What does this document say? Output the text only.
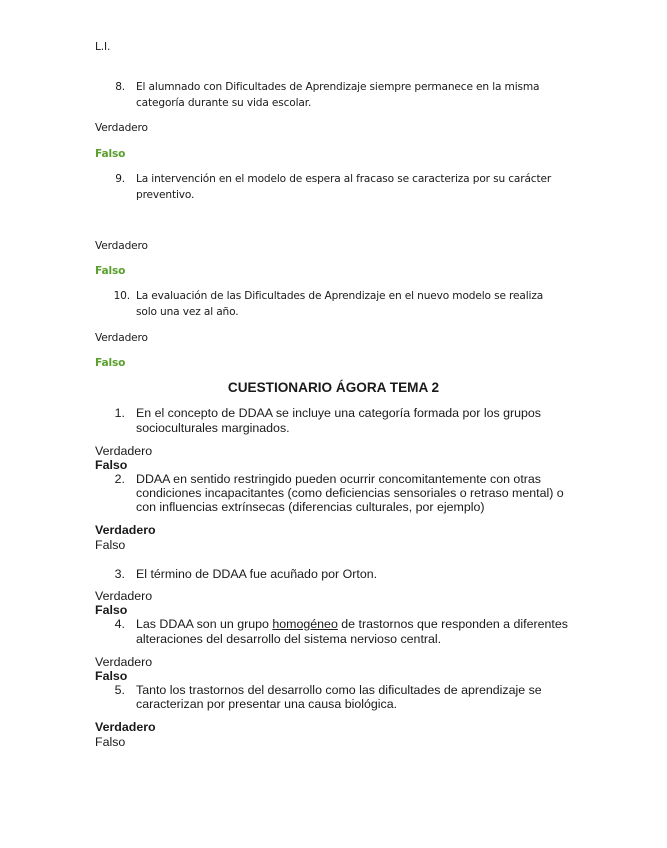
L.I.
8. El alumnado con Dificultades de Aprendizaje siempre permanece en la misma
categoría durante su vida escolar.
Verdadero
Falso
9. La intervención en el modelo de espera al fracaso se caracteriza por su carácter
preventivo.
Verdadero
Falso
10. La evaluación de las Dificultades de Aprendizaje en el nuevo modelo se realiza
solo una vez al año.
Verdadero
Falso
CUESTIONARIO ÁGORA TEMA 2
1. En el concepto de DDAA se incluye una categoría formada por los grupos
socioculturales marginados.
Verdadero
Falso
2. DDAA en sentido restringido pueden ocurrir concomitantemente con otras
condiciones incapacitantes (como deficiencias sensoriales o retraso mental) o
con influencias extrínsecas (diferencias culturales, por ejemplo)
Verdadero
Falso
3. El término de DDAA fue acuñado por Orton.
Verdadero
Falso
4. Las DDAA son un grupo homogéneo de trastornos que responden a diferentes
alteraciones del desarrollo del sistema nervioso central.
Verdadero
Falso
5. Tanto los trastornos del desarrollo como las dificultades de aprendizaje se
caracterizan por presentar una causa biológica.
Verdadero
Falso
